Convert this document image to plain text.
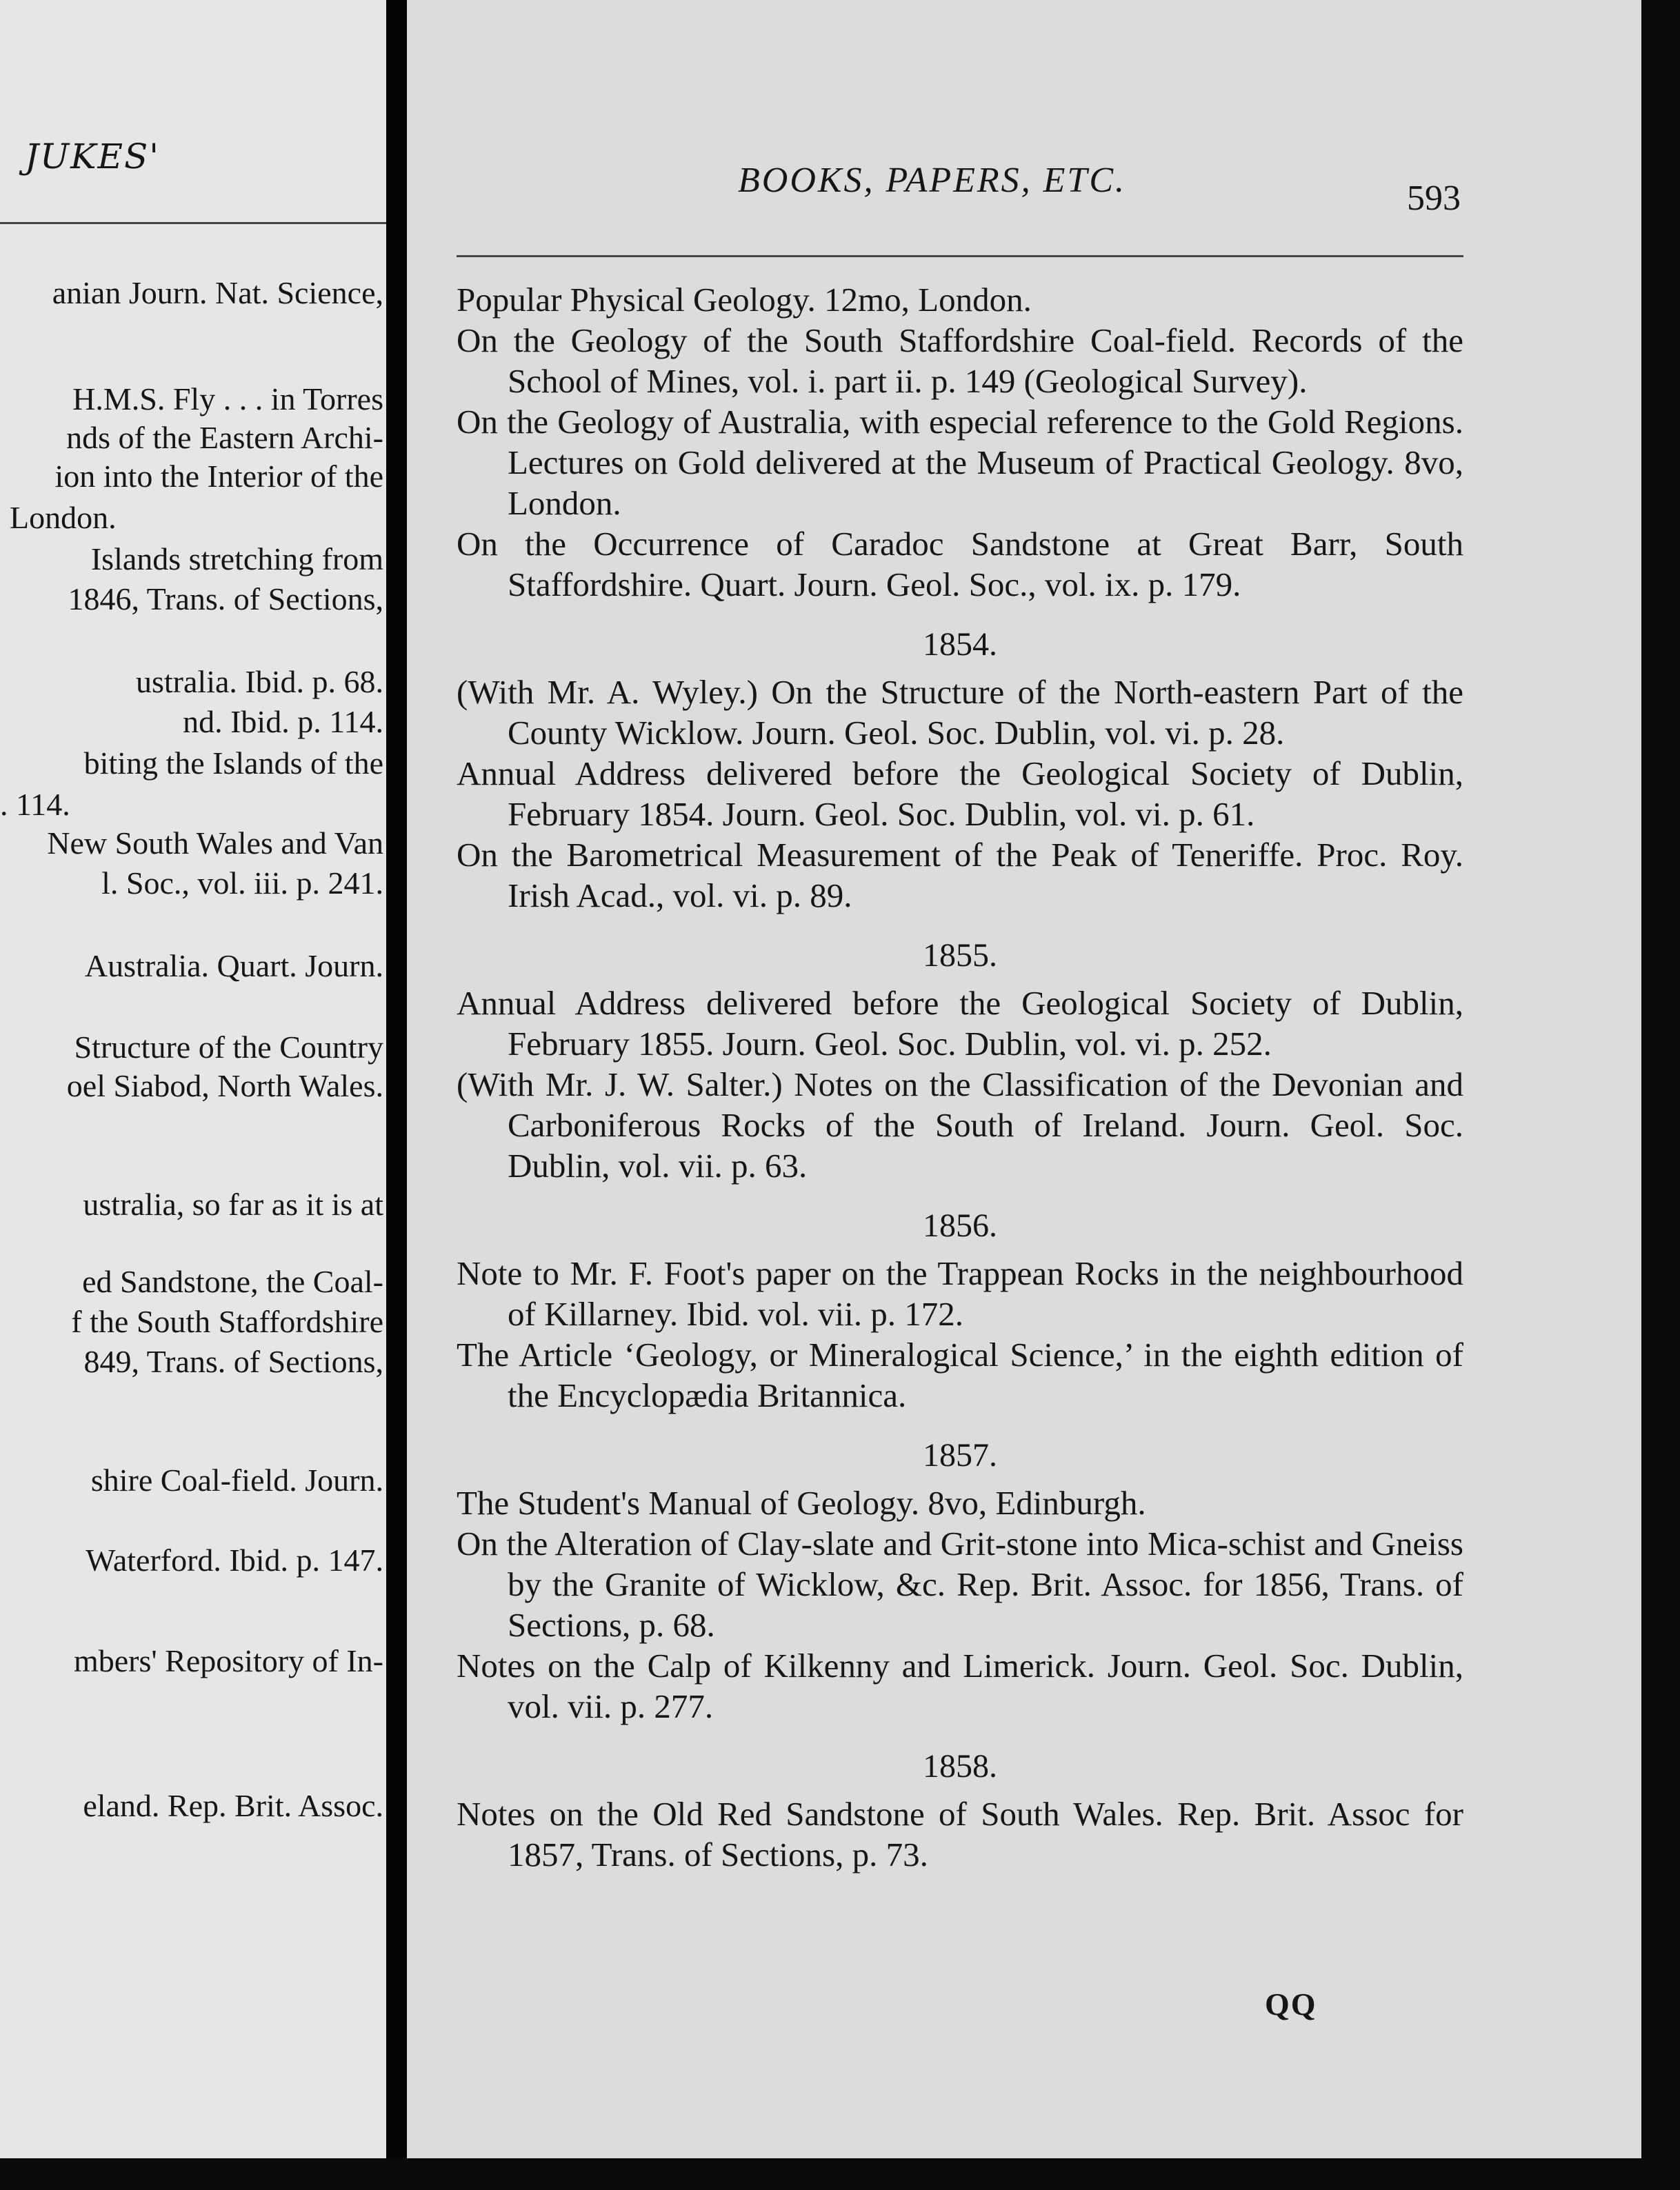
JUKES'
anian Journ. Nat. Science,
H.M.S. Fly . . . in Torres
nds of the Eastern Archi-
ion into the Interior of the
London.
Islands stretching from
1846, Trans. of Sections,
ustralia. Ibid. p. 68.
nd. Ibid. p. 114.
biting the Islands of the
. 114.
New South Wales and Van
l. Soc., vol. iii. p. 241.
Australia. Quart. Journ.
Structure of the Country
oel Siabod, North Wales.
ustralia, so far as it is at
ed Sandstone, the Coal-
f the South Staffordshire
849, Trans. of Sections,
shire Coal-field. Journ.
Waterford. Ibid. p. 147.
mbers' Repository of In-
eland. Rep. Brit. Assoc.
BOOKS, PAPERS, ETC.	593
Popular Physical Geology. 12mo, London.
On the Geology of the South Staffordshire Coal-field. Records of the School of Mines, vol. i. part ii. p. 149 (Geological Survey).
On the Geology of Australia, with especial reference to the Gold Regions. Lectures on Gold delivered at the Museum of Practical Geology. 8vo, London.
On the Occurrence of Caradoc Sandstone at Great Barr, South Staffordshire. Quart. Journ. Geol. Soc., vol. ix. p. 179.
1854.
(With Mr. A. Wyley.) On the Structure of the North-eastern Part of the County Wicklow. Journ. Geol. Soc. Dublin, vol. vi. p. 28.
Annual Address delivered before the Geological Society of Dublin, February 1854. Journ. Geol. Soc. Dublin, vol. vi. p. 61.
On the Barometrical Measurement of the Peak of Teneriffe. Proc. Roy. Irish Acad., vol. vi. p. 89.
1855.
Annual Address delivered before the Geological Society of Dublin, February 1855. Journ. Geol. Soc. Dublin, vol. vi. p. 252.
(With Mr. J. W. Salter.) Notes on the Classification of the Devonian and Carboniferous Rocks of the South of Ireland. Journ. Geol. Soc. Dublin, vol. vii. p. 63.
1856.
Note to Mr. F. Foot's paper on the Trappean Rocks in the neighbourhood of Killarney. Ibid. vol. vii. p. 172.
The Article ‘Geology, or Mineralogical Science,’ in the eighth edition of the Encyclopædia Britannica.
1857.
The Student's Manual of Geology. 8vo, Edinburgh.
On the Alteration of Clay-slate and Grit-stone into Mica-schist and Gneiss by the Granite of Wicklow, &c. Rep. Brit. Assoc. for 1856, Trans. of Sections, p. 68.
Notes on the Calp of Kilkenny and Limerick. Journ. Geol. Soc. Dublin, vol. vii. p. 277.
1858.
Notes on the Old Red Sandstone of South Wales. Rep. Brit. Assoc for 1857, Trans. of Sections, p. 73.
QQ
